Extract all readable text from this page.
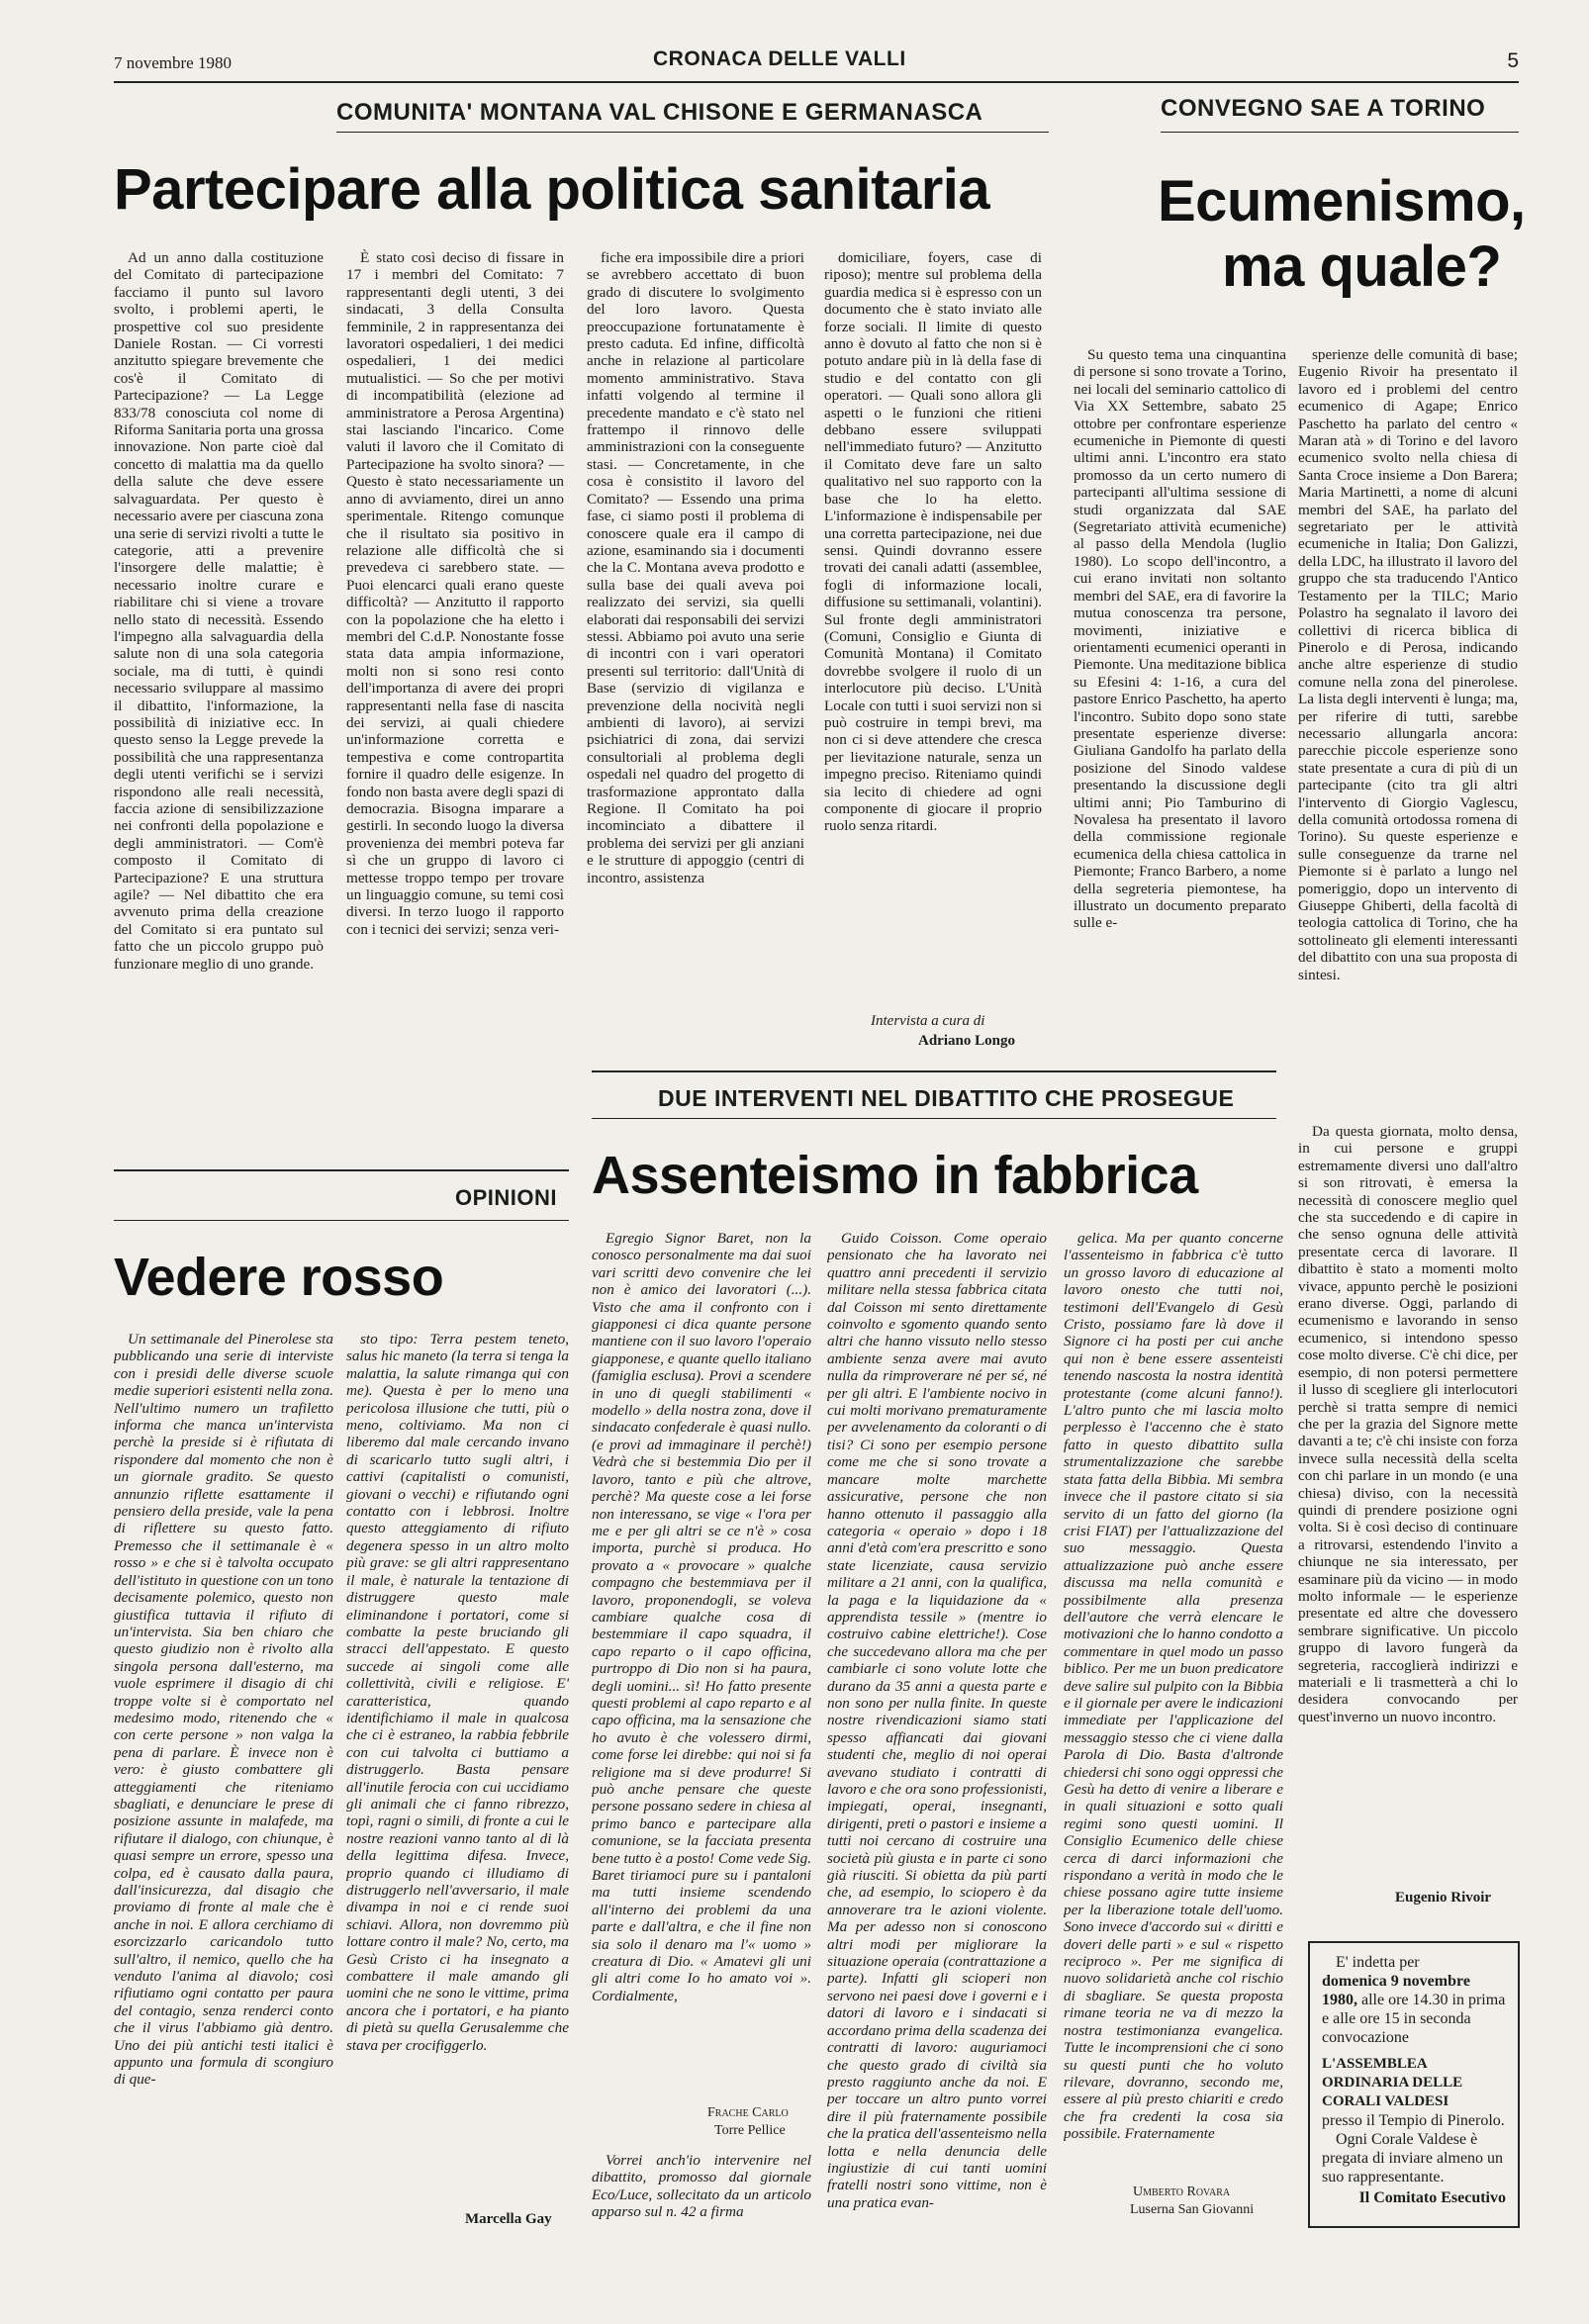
7 novembre 1980	CRONACA DELLE VALLI	5
COMUNITA' MONTANA VAL CHISONE E GERMANASCA
Partecipare alla politica sanitaria
CONVEGNO SAE A TORINO
Ecumenismo,
ma quale?

Ad un anno dalla costituzione del Comitato di partecipazione facciamo il punto sul lavoro svolto, i problemi aperti, le prospettive col suo presidente Daniele Rostan. — Ci vorresti anzitutto spiegare brevemente che cos'è il Comitato di Partecipazione? — La Legge 833/78 conosciuta col nome di Riforma Sanitaria porta una grossa innovazione. Non parte cioè dal concetto di malattia ma da quello della salute che deve essere salvaguardata. Per questo è necessario avere per ciascuna zona una serie di servizi rivolti a tutte le categorie, atti a prevenire l'insorgere delle malattie; è necessario inoltre curare e riabilitare chi si viene a trovare nello stato di necessità. Essendo l'impegno alla salvaguardia della salute non di una sola categoria sociale, ma di tutti, è quindi necessario sviluppare al massimo il dibattito, l'informazione, la possibilità di iniziative ecc. In questo senso la Legge prevede la possibilità che una rappresentanza degli utenti verifichi se i servizi rispondono alle reali necessità, faccia azione di sensibilizzazione nei confronti della popolazione e degli amministratori. — Com'è composto il Comitato di Partecipazione? E una struttura agile? — Nel dibattito che era avvenuto prima della creazione del Comitato si era puntato sul fatto che un piccolo gruppo può funzionare meglio di uno grande.

È stato così deciso di fissare in 17 i membri del Comitato: 7 rappresentanti degli utenti, 3 dei sindacati, 3 della Consulta femminile, 2 in rappresentanza dei lavoratori ospedalieri, 1 dei medici ospedalieri, 1 dei medici mutualistici. — So che per motivi di incompatibilità (elezione ad amministratore a Perosa Argentina) stai lasciando l'incarico. Come valuti il lavoro che il Comitato di Partecipazione ha svolto sinora? — Questo è stato necessariamente un anno di avviamento, direi un anno sperimentale. Ritengo comunque che il risultato sia positivo in relazione alle difficoltà che si prevedeva ci sarebbero state. — Puoi elencarci quali erano queste difficoltà? — Anzitutto il rapporto con la popolazione che ha eletto i membri del C.d.P. Nonostante fosse stata data ampia informazione, molti non si sono resi conto dell'importanza di avere dei propri rappresentanti nella fase di nascita dei servizi, ai quali chiedere un'informazione corretta e tempestiva e come contropartita fornire il quadro delle esigenze. In fondo non basta avere degli spazi di democrazia. Bisogna imparare a gestirli. In secondo luogo la diversa provenienza dei membri poteva far sì che un gruppo di lavoro ci mettesse troppo tempo per trovare un linguaggio comune, su temi così diversi. In terzo luogo il rapporto con i tecnici dei servizi; senza veri-

fiche era impossibile dire a priori se avrebbero accettato di buon grado di discutere lo svolgimento del loro lavoro. Questa preoccupazione fortunatamente è presto caduta. Ed infine, difficoltà anche in relazione al particolare momento amministrativo. Stava infatti volgendo al termine il precedente mandato e c'è stato nel frattempo il rinnovo delle amministrazioni con la conseguente stasi. — Concretamente, in che cosa è consistito il lavoro del Comitato? — Essendo una prima fase, ci siamo posti il problema di conoscere quale era il campo di azione, esaminando sia i documenti che la C. Montana aveva prodotto e sulla base dei quali aveva poi realizzato dei servizi, sia quelli elaborati dai responsabili dei servizi stessi. Abbiamo poi avuto una serie di incontri con i vari operatori presenti sul territorio: dall'Unità di Base (servizio di vigilanza e prevenzione della nocività negli ambienti di lavoro), ai servizi psichiatrici di zona, dai servizi consultoriali al problema degli ospedali nel quadro del progetto di trasformazione approntato dalla Regione. Il Comitato ha poi incominciato a dibattere il problema dei servizi per gli anziani e le strutture di appoggio (centri di incontro, assistenza

domiciliare, foyers, case di riposo); mentre sul problema della guardia medica si è espresso con un documento che è stato inviato alle forze sociali. Il limite di questo anno è dovuto al fatto che non si è potuto andare più in là della fase di studio e del contatto con gli operatori. — Quali sono allora gli aspetti o le funzioni che ritieni debbano essere sviluppati nell'immediato futuro? — Anzitutto il Comitato deve fare un salto qualitativo nel suo rapporto con la base che lo ha eletto. L'informazione è indispensabile per una corretta partecipazione, nei due sensi. Quindi dovranno essere trovati dei canali adatti (assemblee, fogli di informazione locali, diffusione su settimanali, volantini). Sul fronte degli amministratori (Comuni, Consiglio e Giunta di Comunità Montana) il Comitato dovrebbe svolgere il ruolo di un interlocutore più deciso. L'Unità Locale con tutti i suoi servizi non si può costruire in tempi brevi, ma non ci si deve attendere che cresca per lievitazione naturale, senza un impegno preciso. Riteniamo quindi sia lecito di chiedere ad ogni componente di giocare il proprio ruolo senza ritardi.

Intervista a cura di
Adriano Longo

Su questo tema una cinquantina di persone si sono trovate a Torino, nei locali del seminario cattolico di Via XX Settembre, sabato 25 ottobre per confrontare esperienze ecumeniche in Piemonte di questi ultimi anni. L'incontro era stato promosso da un certo numero di partecipanti all'ultima sessione di studi organizzata dal SAE (Segretariato attività ecumeniche) al passo della Mendola (luglio 1980). Lo scopo dell'incontro, a cui erano invitati non soltanto membri del SAE, era di favorire la mutua conoscenza tra persone, movimenti, iniziative e orientamenti ecumenici operanti in Piemonte. Una meditazione biblica su Efesini 4: 1-16, a cura del pastore Enrico Paschetto, ha aperto l'incontro. Subito dopo sono state presentate esperienze diverse: Giuliana Gandolfo ha parlato della posizione del Sinodo valdese presentando la discussione degli ultimi anni; Pio Tamburino di Novalesa ha presentato il lavoro della commissione regionale ecumenica della chiesa cattolica in Piemonte; Franco Barbero, a nome della segreteria piemontese, ha illustrato un documento preparato sulle e-

sperienze delle comunità di base; Eugenio Rivoir ha presentato il lavoro ed i problemi del centro ecumenico di Agape; Enrico Paschetto ha parlato del centro « Maran atà » di Torino e del lavoro ecumenico svolto nella chiesa di Santa Croce insieme a Don Barera; Maria Martinetti, a nome di alcuni membri del SAE, ha parlato del segretariato per le attività ecumeniche in Italia; Don Galizzi, della LDC, ha illustrato il lavoro del gruppo che sta traducendo l'Antico Testamento per la TILC; Mario Polastro ha segnalato il lavoro dei collettivi di ricerca biblica di Pinerolo e di Perosa, indicando anche altre esperienze di studio comune nella zona del pinerolese. La lista degli interventi è lunga; ma, per riferire di tutti, sarebbe necessario allungarla ancora: parecchie piccole esperienze sono state presentate a cura di più di un partecipante (cito tra gli altri l'intervento di Giorgio Vaglescu, della comunità ortodossa romena di Torino). Su queste esperienze e sulle conseguenze da trarne nel Piemonte si è parlato a lungo nel pomeriggio, dopo un intervento di Giuseppe Ghiberti, della facoltà di teologia cattolica di Torino, che ha sottolineato gli elementi interessanti del dibattito con una sua proposta di sintesi.

Da questa giornata, molto densa, in cui persone e gruppi estremamente diversi uno dall'altro si son ritrovati, è emersa la necessità di conoscere meglio quel che sta succedendo e di capire in che senso ognuna delle attività presentate cerca di lavorare. Il dibattito è stato a momenti molto vivace, appunto perchè le posizioni erano diverse. Oggi, parlando di ecumenismo e lavorando in senso ecumenico, si intendono spesso cose molto diverse. C'è chi dice, per esempio, di non potersi permettere il lusso di scegliere gli interlocutori perchè si tratta sempre di nemici che per la grazia del Signore mette davanti a te; c'è chi insiste con forza invece sulla necessità della scelta con chi parlare in un mondo (e una chiesa) diviso, con la necessità quindi di prendere posizione ogni volta. Si è così deciso di continuare a ritrovarsi, estendendo l'invito a chiunque ne sia interessato, per esaminare più da vicino — in modo molto informale — le esperienze presentate ed altre che dovessero sembrare significative. Un piccolo gruppo di lavoro fungerà da segreteria, raccoglierà indirizzi e materiali e li trasmetterà a chi lo desidera convocando per quest'inverno un nuovo incontro.

Eugenio Rivoir
DUE INTERVENTI NEL DIBATTITO CHE PROSEGUE
Assenteismo in fabbrica
OPINIONI
Vedere rosso

Un settimanale del Pinerolese sta pubblicando una serie di interviste con i presidi delle diverse scuole medie superiori esistenti nella zona. Nell'ultimo numero un trafiletto informa che manca un'intervista perchè la preside si è rifiutata di rispondere dal momento che non è un giornale gradito. Se questo annunzio riflette esattamente il pensiero della preside, vale la pena di riflettere su questo fatto. Premesso che il settimanale è « rosso » e che si è talvolta occupato dell'istituto in questione con un tono decisamente polemico, questo non giustifica tuttavia il rifiuto di un'intervista. Sia ben chiaro che questo giudizio non è rivolto alla singola persona dall'esterno, ma vuole esprimere il disagio di chi troppe volte si è comportato nel medesimo modo, ritenendo che « con certe persone » non valga la pena di parlare. È invece non è vero: è giusto combattere gli atteggiamenti che riteniamo sbagliati, e denunciare le prese di posizione assunte in malafede, ma rifiutare il dialogo, con chiunque, è quasi sempre un errore, spesso una colpa, ed è causato dalla paura, dall'insicurezza, dal disagio che proviamo di fronte al male che è anche in noi. E allora cerchiamo di esorcizzarlo caricandolo tutto sull'altro, il nemico, quello che ha venduto l'anima al diavolo; così rifiutiamo ogni contatto per paura del contagio, senza renderci conto che il virus l'abbiamo già dentro. Uno dei più antichi testi italici è appunto una formula di scongiuro di que-

sto tipo: Terra pestem teneto, salus hic maneto (la terra si tenga la malattia, la salute rimanga qui con me). Questa è per lo meno una pericolosa illusione che tutti, più o meno, coltiviamo. Ma non ci liberemo dal male cercando invano di scaricarlo tutto sugli altri, i cattivi (capitalisti o comunisti, giovani o vecchi) e rifiutando ogni contatto con i lebbrosi. Inoltre questo atteggiamento di rifiuto degenera spesso in un altro molto più grave: se gli altri rappresentano il male, è naturale la tentazione di distruggere questo male eliminandone i portatori, come si combatte la peste bruciando gli stracci dell'appestato. E questo succede ai singoli come alle collettività, civili e religiose. E' caratteristica, quando identifichiamo il male in qualcosa che ci è estraneo, la rabbia febbrile con cui talvolta ci buttiamo a distruggerlo. Basta pensare all'inutile ferocia con cui uccidiamo gli animali che ci fanno ribrezzo, topi, ragni o simili, di fronte a cui le nostre reazioni vanno tanto al di là della legittima difesa. Invece, proprio quando ci illudiamo di distruggerlo nell'avversario, il male divampa in noi e ci rende suoi schiavi. Allora, non dovremmo più lottare contro il male? No, certo, ma Gesù Cristo ci ha insegnato a combattere il male amando gli uomini che ne sono le vittime, prima ancora che i portatori, e ha pianto di pietà su quella Gerusalemme che stava per crocifiggerlo.

Marcella Gay

Egregio Signor Baret, non la conosco personalmente ma dai suoi vari scritti devo convenire che lei non è amico dei lavoratori (...). Visto che ama il confronto con i giapponesi ci dica quante persone mantiene con il suo lavoro l'operaio giapponese, e quante quello italiano (famiglia esclusa). Provi a scendere in uno di quegli stabilimenti « modello » della nostra zona, dove il sindacato confederale è quasi nullo. (e provi ad immaginare il perchè!) Vedrà che si bestemmia Dio per il lavoro, tanto e più che altrove, perchè? Ma queste cose a lei forse non interessano, se vige « l'ora per me e per gli altri se ce n'è » cosa importa, purchè si produca. Ho provato a « provocare » qualche compagno che bestemmiava per il lavoro, proponendogli, se voleva cambiare qualche cosa di bestemmiare il capo squadra, il capo reparto o il capo officina, purtroppo di Dio non si ha paura, degli uomini... sì! Ho fatto presente questi problemi al capo reparto e al capo officina, ma la sensazione che ho avuto è che volessero dirmi, come forse lei direbbe: qui noi si fa religione ma si deve produrre! Si può anche pensare che queste persone possano sedere in chiesa al primo banco e partecipare alla comunione, se la facciata presenta bene tutto è a posto! Come vede Sig. Baret tiriamoci pure su i pantaloni ma tutti insieme scendendo all'interno dei problemi da una parte e dall'altra, e che il fine non sia solo il denaro ma l'« uomo » creatura di Dio. « Amatevi gli uni gli altri come Io ho amato voi ». Cordialmente,

Frache Carlo
Torre Pellice

Vorrei anch'io intervenire nel dibattito, promosso dal giornale Eco/Luce, sollecitato da un articolo apparso sul n. 42 a firma

Guido Coisson. Come operaio pensionato che ha lavorato nei quattro anni precedenti il servizio militare nella stessa fabbrica citata dal Coisson mi sento direttamente coinvolto e sgomento quando sento altri che hanno vissuto nello stesso ambiente senza avere mai avuto nulla da rimproverare né per sé, né per gli altri. E l'ambiente nocivo in cui molti morivano prematuramente per avvelenamento da coloranti o di tisi? Ci sono per esempio persone come me che si sono trovate a mancare molte marchette assicurative, persone che non hanno ottenuto il passaggio alla categoria « operaio » dopo i 18 anni d'età com'era prescritto e sono state licenziate, causa servizio militare a 21 anni, con la qualifica, la paga e la liquidazione da « apprendista tessile » (mentre io costruivo cabine elettriche!). Cose che succedevano allora ma che per cambiarle ci sono volute lotte che durano da 35 anni a questa parte e non sono per nulla finite. In queste nostre rivendicazioni siamo stati spesso affiancati dai giovani studenti che, meglio di noi operai avevano studiato i contratti di lavoro e che ora sono professionisti, impiegati, operai, insegnanti, dirigenti, preti o pastori e insieme a tutti noi cercano di costruire una società più giusta e in parte ci sono già riusciti. Si obietta da più parti che, ad esempio, lo sciopero è da annoverare tra le azioni violente. Ma per adesso non si conoscono altri modi per migliorare la situazione operaia (contrattazione a parte). Infatti gli scioperi non servono nei paesi dove i governi e i datori di lavoro e i sindacati si accordano prima della scadenza dei contratti di lavoro: auguriamoci che questo grado di civiltà sia presto raggiunto anche da noi. E per toccare un altro punto vorrei dire il più fraternamente possibile che la pratica dell'assenteismo nella lotta e nella denuncia delle ingiustizie di cui tanti uomini fratelli nostri sono vittime, non è una pratica evan-

gelica. Ma per quanto concerne l'assenteismo in fabbrica c'è tutto un grosso lavoro di educazione al lavoro onesto che tutti noi, testimoni dell'Evangelo di Gesù Cristo, possiamo fare là dove il Signore ci ha posti per cui anche qui non è bene essere assenteisti tenendo nascosta la nostra identità protestante (come alcuni fanno!). L'altro punto che mi lascia molto perplesso è l'accenno che è stato fatto in questo dibattito sulla strumentalizzazione che sarebbe stata fatta della Bibbia. Mi sembra invece che il pastore citato si sia servito di un fatto del giorno (la crisi FIAT) per l'attualizzazione del suo messaggio. Questa attualizzazione può anche essere discussa ma nella comunità e possibilmente alla presenza dell'autore che verrà elencare le motivazioni che lo hanno condotto a commentare in quel modo un passo biblico. Per me un buon predicatore deve salire sul pulpito con la Bibbia e il giornale per avere le indicazioni immediate per l'applicazione del messaggio stesso che ci viene dalla Parola di Dio. Basta d'altronde chiedersi chi sono oggi oppressi che Gesù ha detto di venire a liberare e in quali situazioni e sotto quali regimi sono questi uomini. Il Consiglio Ecumenico delle chiese cerca di darci informazioni che rispondano a verità in modo che le chiese possano agire tutte insieme per la liberazione totale dell'uomo. Sono invece d'accordo sui « diritti e doveri delle parti » e sul « rispetto reciproco ». Per me significa di nuovo solidarietà anche col rischio di sbagliare. Se questa proposta rimane teoria ne va di mezzo la nostra testimonianza evangelica. Tutte le incomprensioni che ci sono su questi punti che ho voluto rilevare, dovranno, secondo me, essere al più presto chiariti e credo che fra credenti la cosa sia possibile. Fraternamente

Umberto Rovara
Luserna San Giovanni
E' indetta per
domenica 9 novembre 1980, alle ore 14.30 in prima e alle ore 15 in seconda convocazione
L'ASSEMBLEA ORDINARIA DELLE CORALI VALDESI
presso il Tempio di Pinerolo.
Ogni Corale Valdese è pregata di inviare almeno un suo rappresentante.
Il Comitato Esecutivo
